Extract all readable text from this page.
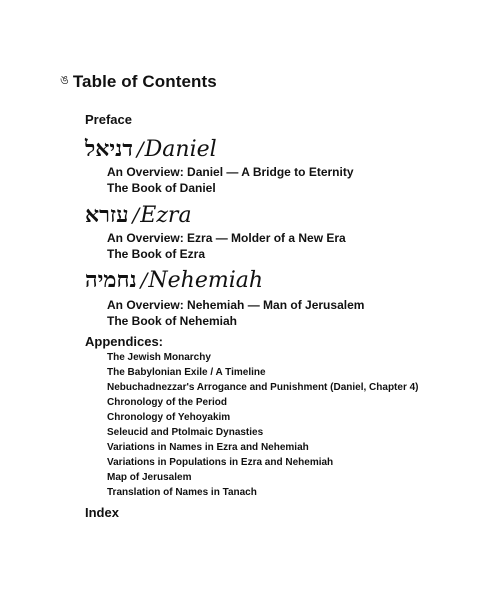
ঙ Table of Contents
Preface
דניאל / Daniel
An Overview: Daniel — A Bridge to Eternity
The Book of Daniel
עזרא / Ezra
An Overview: Ezra — Molder of a New Era
The Book of Ezra
נחמיה / Nehemiah
An Overview: Nehemiah — Man of Jerusalem
The Book of Nehemiah
Appendices:
The Jewish Monarchy
The Babylonian Exile / A Timeline
Nebuchadnezzar's Arrogance and Punishment (Daniel, Chapter 4)
Chronology of the Period
Chronology of Yehoyakim
Seleucid and Ptolmaic Dynasties
Variations in Names in Ezra and Nehemiah
Variations in Populations in Ezra and Nehemiah
Map of Jerusalem
Translation of Names in Tanach
Index
